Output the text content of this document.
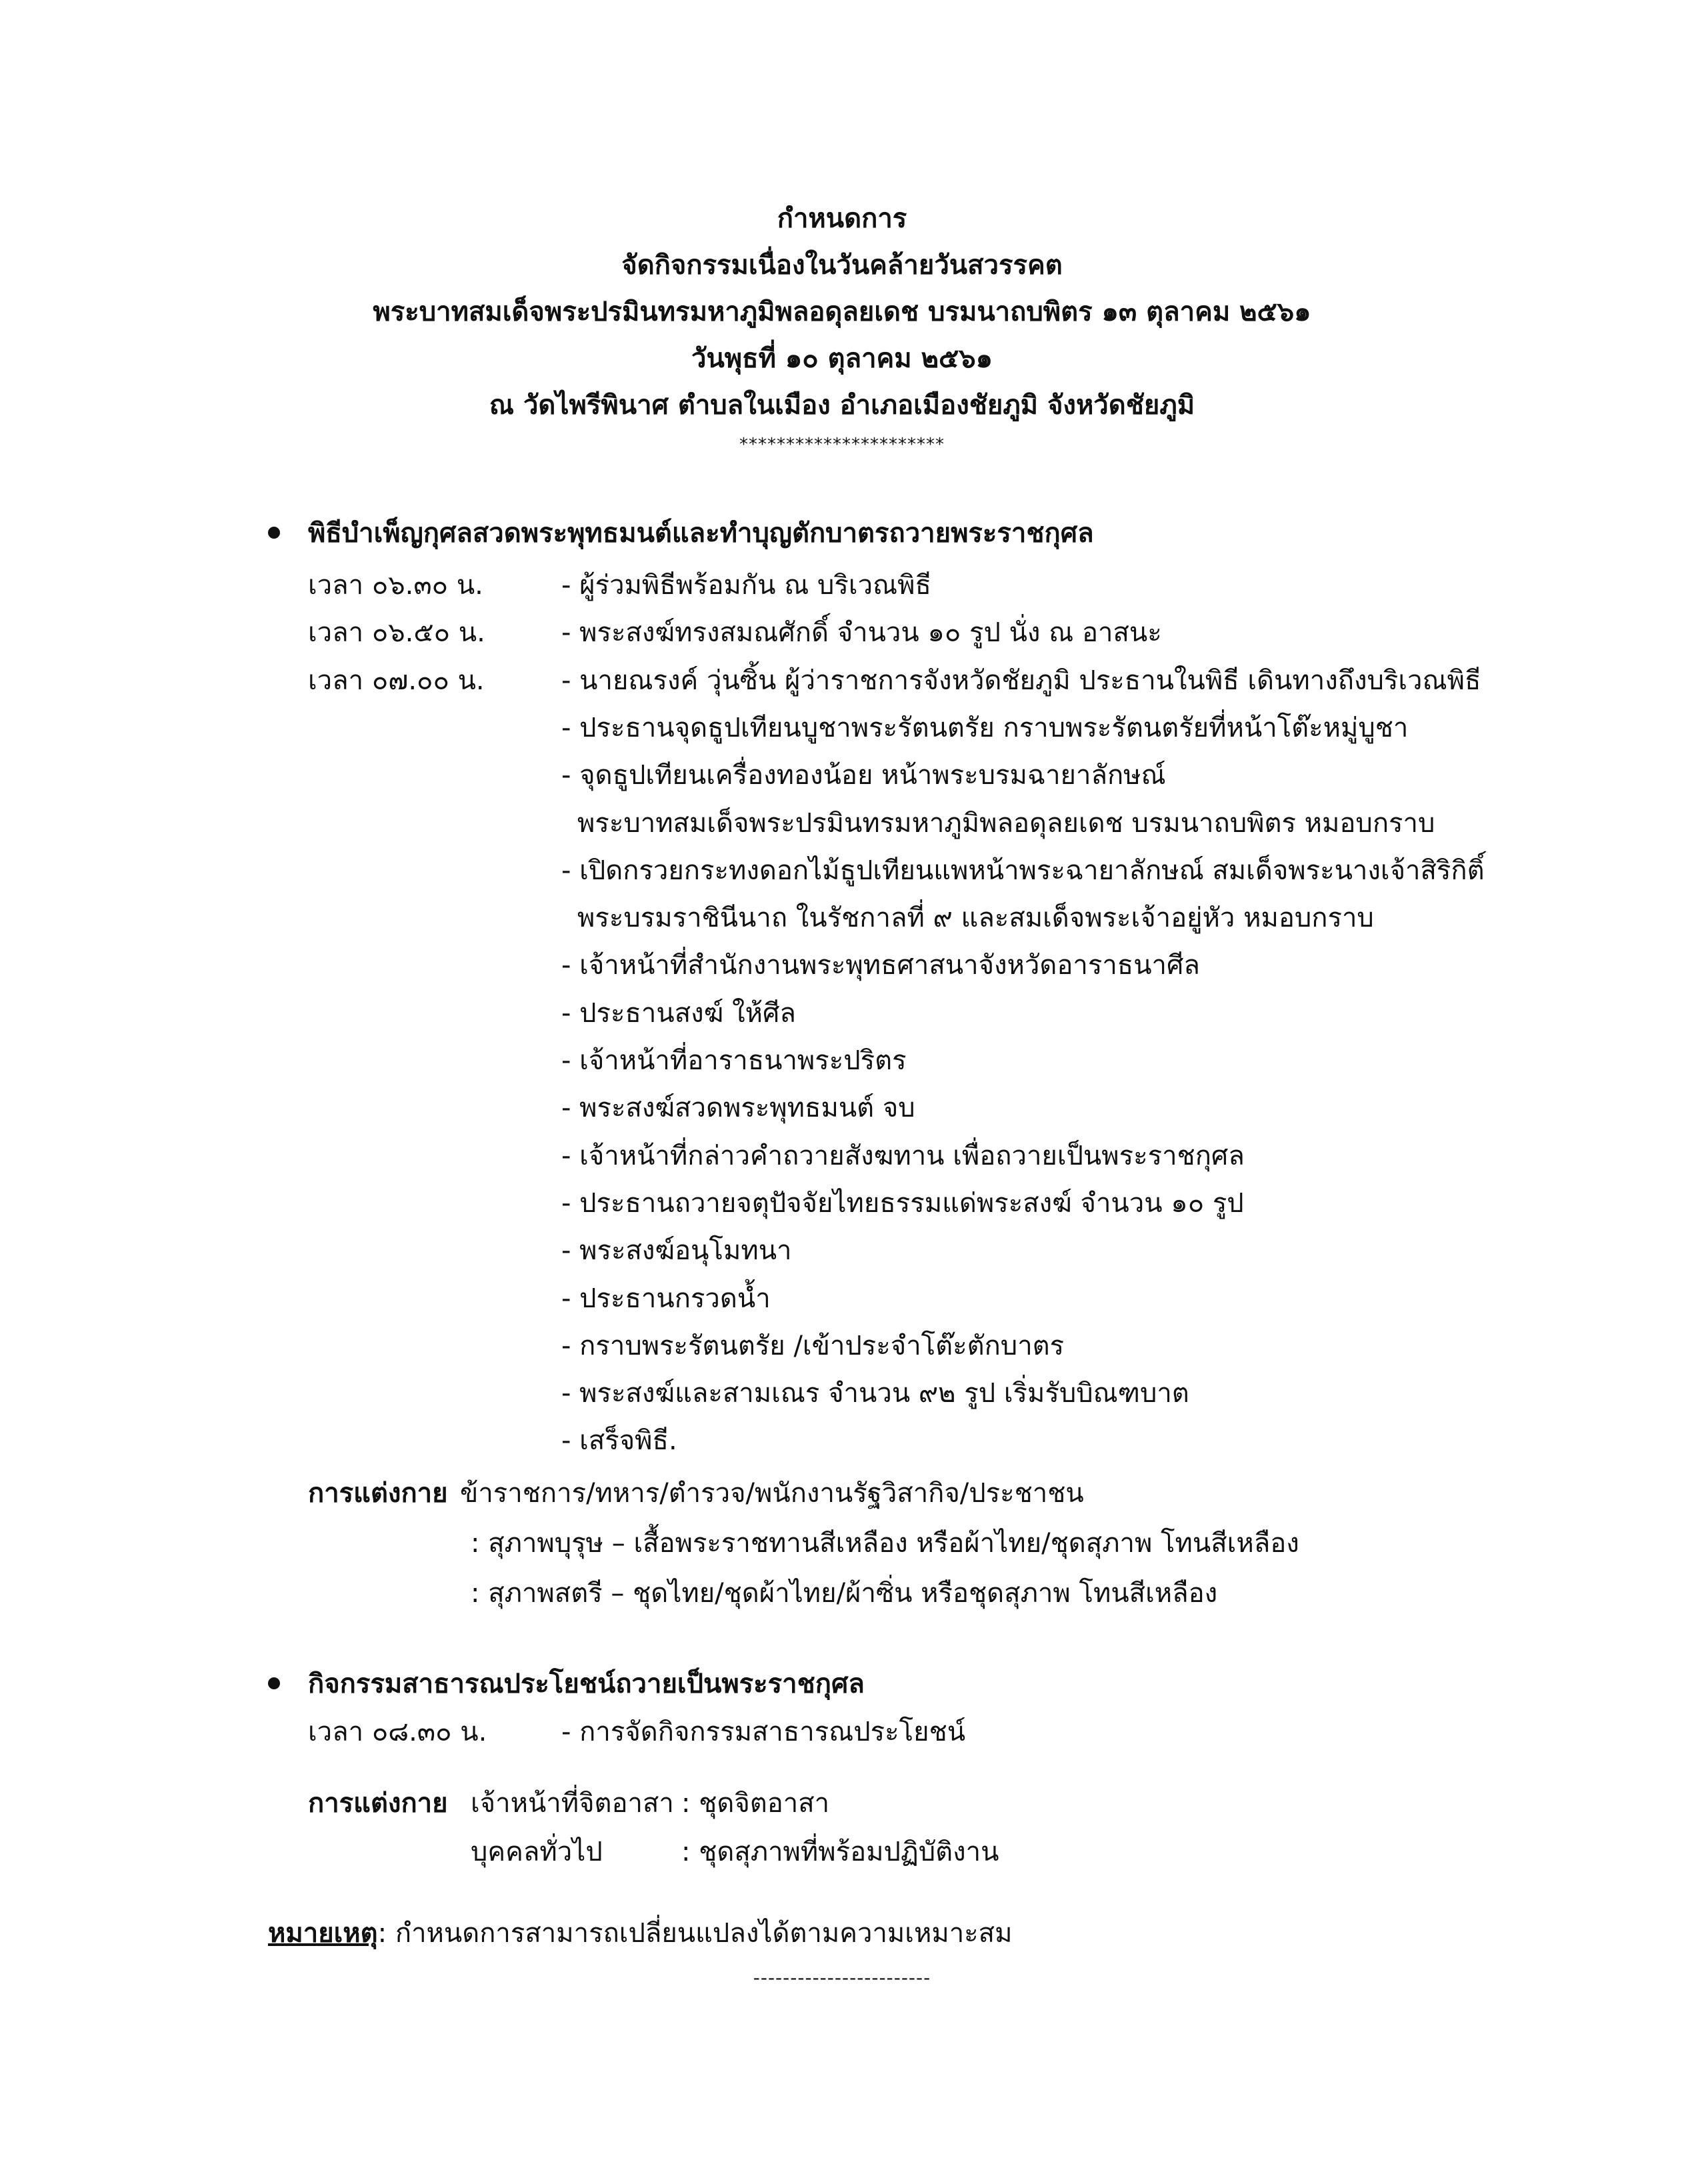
กำหนดการ
จัดกิจกรรมเนื่องในวันคล้ายวันสวรรคต
พระบาทสมเด็จพระปรมินทรมหาภูมิพลอดุลยเดช บรมนาถบพิตร ๑๓ ตุลาคม ๒๕๖๑
วันพุธที่ ๑๐ ตุลาคม ๒๕๖๑
ณ วัดไพรีพินาศ ตำบลในเมือง อำเภอเมืองชัยภูมิ จังหวัดชัยภูมิ
**********************
พิธีบำเพ็ญกุศลสวดพระพุทธมนต์และทำบุญตักบาตรถวายพระราชกุศล
เวลา ๐๖.๓๐ น.	- ผู้ร่วมพิธีพร้อมกัน ณ บริเวณพิธี
เวลา ๐๖.๕๐ น.	- พระสงฆ์ทรงสมณศักดิ์ จำนวน ๑๐ รูป นั่ง ณ อาสนะ
เวลา ๐๗.๐๐ น.	- นายณรงค์ วุ่นซิ้น ผู้ว่าราชการจังหวัดชัยภูมิ ประธานในพิธี เดินทางถึงบริเวณพิธี
- ประธานจุดธูปเทียนบูชาพระรัตนตรัย กราบพระรัตนตรัยที่หน้าโต๊ะหมู่บูชา
- จุดธูปเทียนเครื่องทองน้อย หน้าพระบรมฉายาลักษณ์
พระบาทสมเด็จพระปรมินทรมหาภูมิพลอดุลยเดช บรมนาถบพิตร หมอบกราบ
- เปิดกรวยกระทงดอกไม้ธูปเทียนแพหน้าพระฉายาลักษณ์ สมเด็จพระนางเจ้าสิริกิติ์
พระบรมราชินีนาถ ในรัชกาลที่ ๙ และสมเด็จพระเจ้าอยู่หัว หมอบกราบ
- เจ้าหน้าที่สำนักงานพระพุทธศาสนาจังหวัดอาราธนาศีล
- ประธานสงฆ์ ให้ศีล
- เจ้าหน้าที่อาราธนาพระปริตร
- พระสงฆ์สวดพระพุทธมนต์ จบ
- เจ้าหน้าที่กล่าวคำถวายสังฆทาน เพื่อถวายเป็นพระราชกุศล
- ประธานถวายจตุปัจจัยไทยธรรมแด่พระสงฆ์ จำนวน ๑๐ รูป
- พระสงฆ์อนุโมทนา
- ประธานกรวดน้ำ
- กราบพระรัตนตรัย /เข้าประจำโต๊ะตักบาตร
- พระสงฆ์และสามเณร จำนวน ๙๒ รูป เริ่มรับบิณฑบาต
- เสร็จพิธี.
การแต่งกาย ข้าราชการ/ทหาร/ตำรวจ/พนักงานรัฐวิสากิจ/ประชาชน
: สุภาพบุรุษ – เสื้อพระราชทานสีเหลือง หรือผ้าไทย/ชุดสุภาพ โทนสีเหลือง
: สุภาพสตรี – ชุดไทย/ชุดผ้าไทย/ผ้าซิ่น หรือชุดสุภาพ โทนสีเหลือง
กิจกรรมสาธารณประโยชน์ถวายเป็นพระราชกุศล
เวลา ๐๘.๓๐ น.	- การจัดกิจกรรมสาธารณประโยชน์
การแต่งกาย เจ้าหน้าที่จิตอาสา : ชุดจิตอาสา
บุคคลทั่วไป	: ชุดสุภาพที่พร้อมปฏิบัติงาน
หมายเหตุ: กำหนดการสามารถเปลี่ยนแปลงได้ตามความเหมาะสม
------------------------
